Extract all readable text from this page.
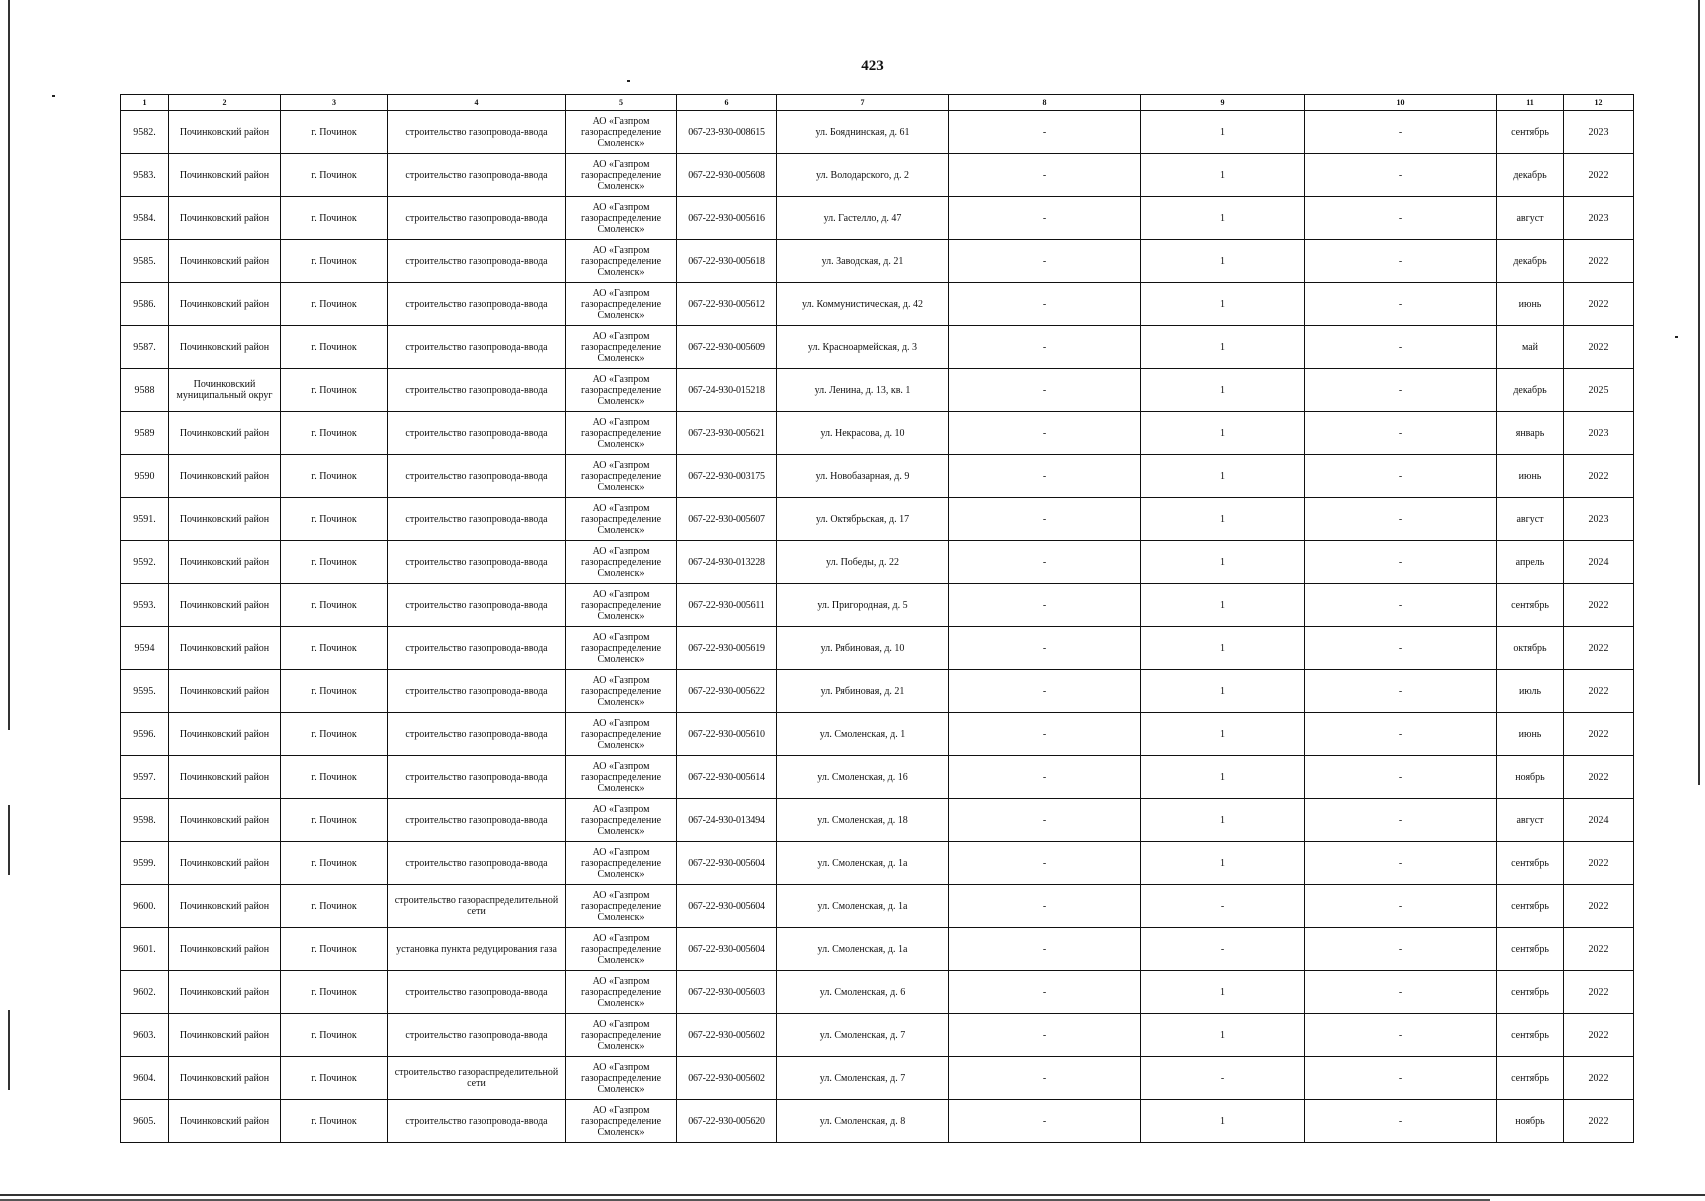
423
1	2	3	4	5	6	7	8	9	10	11	12
9582.	Починковский район	г. Починок	строительство газопровода-ввода	АО «Газпром газораспределение Смоленск»	067-23-930-008615	ул. Бояднинская, д. 61	-	1	-	сентябрь	2023
9583.	Починковский район	г. Починок	строительство газопровода-ввода	АО «Газпром газораспределение Смоленск»	067-22-930-005608	ул. Володарского, д. 2	-	1	-	декабрь	2022
9584.	Починковский район	г. Починок	строительство газопровода-ввода	АО «Газпром газораспределение Смоленск»	067-22-930-005616	ул. Гастелло, д. 47	-	1	-	август	2023
9585.	Починковский район	г. Починок	строительство газопровода-ввода	АО «Газпром газораспределение Смоленск»	067-22-930-005618	ул. Заводская, д. 21	-	1	-	декабрь	2022
9586.	Починковский район	г. Починок	строительство газопровода-ввода	АО «Газпром газораспределение Смоленск»	067-22-930-005612	ул. Коммунистическая, д. 42	-	1	-	июнь	2022
9587.	Починковский район	г. Починок	строительство газопровода-ввода	АО «Газпром газораспределение Смоленск»	067-22-930-005609	ул. Красноармейская, д. 3	-	1	-	май	2022
9588	Починковский муниципальный округ	г. Починок	строительство газопровода-ввода	АО «Газпром газораспределение Смоленск»	067-24-930-015218	ул. Ленина, д. 13, кв. 1	-	1	-	декабрь	2025
9589	Починковский район	г. Починок	строительство газопровода-ввода	АО «Газпром газораспределение Смоленск»	067-23-930-005621	ул. Некрасова, д. 10	-	1	-	январь	2023
9590	Починковский район	г. Починок	строительство газопровода-ввода	АО «Газпром газораспределение Смоленск»	067-22-930-003175	ул. Новобазарная, д. 9	-	1	-	июнь	2022
9591.	Починковский район	г. Починок	строительство газопровода-ввода	АО «Газпром газораспределение Смоленск»	067-22-930-005607	ул. Октябрьская, д. 17	-	1	-	август	2023
9592.	Починковский район	г. Починок	строительство газопровода-ввода	АО «Газпром газораспределение Смоленск»	067-24-930-013228	ул. Победы, д. 22	-	1	-	апрель	2024
9593.	Починковский район	г. Починок	строительство газопровода-ввода	АО «Газпром газораспределение Смоленск»	067-22-930-005611	ул. Пригородная, д. 5	-	1	-	сентябрь	2022
9594	Починковский район	г. Починок	строительство газопровода-ввода	АО «Газпром газораспределение Смоленск»	067-22-930-005619	ул. Рябиновая, д. 10	-	1	-	октябрь	2022
9595.	Починковский район	г. Починок	строительство газопровода-ввода	АО «Газпром газораспределение Смоленск»	067-22-930-005622	ул. Рябиновая, д. 21	-	1	-	июль	2022
9596.	Починковский район	г. Починок	строительство газопровода-ввода	АО «Газпром газораспределение Смоленск»	067-22-930-005610	ул. Смоленская, д. 1	-	1	-	июнь	2022
9597.	Починковский район	г. Починок	строительство газопровода-ввода	АО «Газпром газораспределение Смоленск»	067-22-930-005614	ул. Смоленская, д. 16	-	1	-	ноябрь	2022
9598.	Починковский район	г. Починок	строительство газопровода-ввода	АО «Газпром газораспределение Смоленск»	067-24-930-013494	ул. Смоленская, д. 18	-	1	-	август	2024
9599.	Починковский район	г. Починок	строительство газопровода-ввода	АО «Газпром газораспределение Смоленск»	067-22-930-005604	ул. Смоленская, д. 1а	-	1	-	сентябрь	2022
9600.	Починковский район	г. Починок	строительство газораспределительной сети	АО «Газпром газораспределение Смоленск»	067-22-930-005604	ул. Смоленская, д. 1а	-	-	-	сентябрь	2022
9601.	Починковский район	г. Починок	установка пункта редуцирования газа	АО «Газпром газораспределение Смоленск»	067-22-930-005604	ул. Смоленская, д. 1а	-	-	-	сентябрь	2022
9602.	Починковский район	г. Починок	строительство газопровода-ввода	АО «Газпром газораспределение Смоленск»	067-22-930-005603	ул. Смоленская, д. 6	-	1	-	сентябрь	2022
9603.	Починковский район	г. Починок	строительство газопровода-ввода	АО «Газпром газораспределение Смоленск»	067-22-930-005602	ул. Смоленская, д. 7	-	1	-	сентябрь	2022
9604.	Починковский район	г. Починок	строительство газораспределительной сети	АО «Газпром газораспределение Смоленск»	067-22-930-005602	ул. Смоленская, д. 7	-	-	-	сентябрь	2022
9605.	Починковский район	г. Починок	строительство газопровода-ввода	АО «Газпром газораспределение Смоленск»	067-22-930-005620	ул. Смоленская, д. 8	-	1	-	ноябрь	2022
